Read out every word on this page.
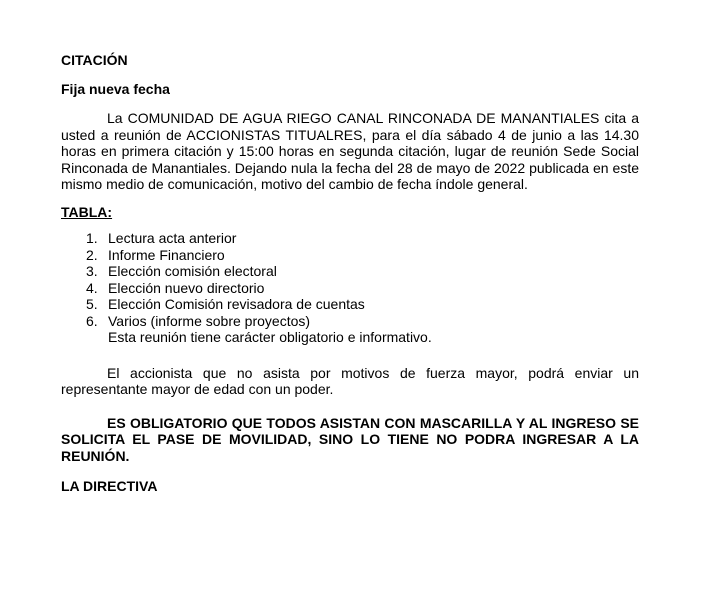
CITACIÓN

Fija nueva fecha

La COMUNIDAD DE AGUA RIEGO CANAL RINCONADA DE MANANTIALES cita a usted a reunión de ACCIONISTAS TITUALRES, para el día sábado 4 de junio a las 14.30 horas en primera citación y 15:00 horas en segunda citación, lugar de reunión Sede Social Rinconada de Manantiales. Dejando nula la fecha del 28 de mayo de 2022 publicada en este mismo medio de comunicación, motivo del cambio de fecha índole general.

TABLA:

1. Lectura acta anterior
2. Informe Financiero
3. Elección comisión electoral
4. Elección nuevo directorio
5. Elección Comisión revisadora de cuentas
6. Varios (informe sobre proyectos)

Esta reunión tiene carácter obligatorio e informativo.

El accionista que no asista por motivos de fuerza mayor, podrá enviar un representante mayor de edad con un poder.

ES OBLIGATORIO QUE TODOS ASISTAN CON MASCARILLA Y AL INGRESO SE SOLICITA EL PASE DE MOVILIDAD, SINO LO TIENE NO PODRA INGRESAR A LA REUNIÓN.

LA DIRECTIVA
